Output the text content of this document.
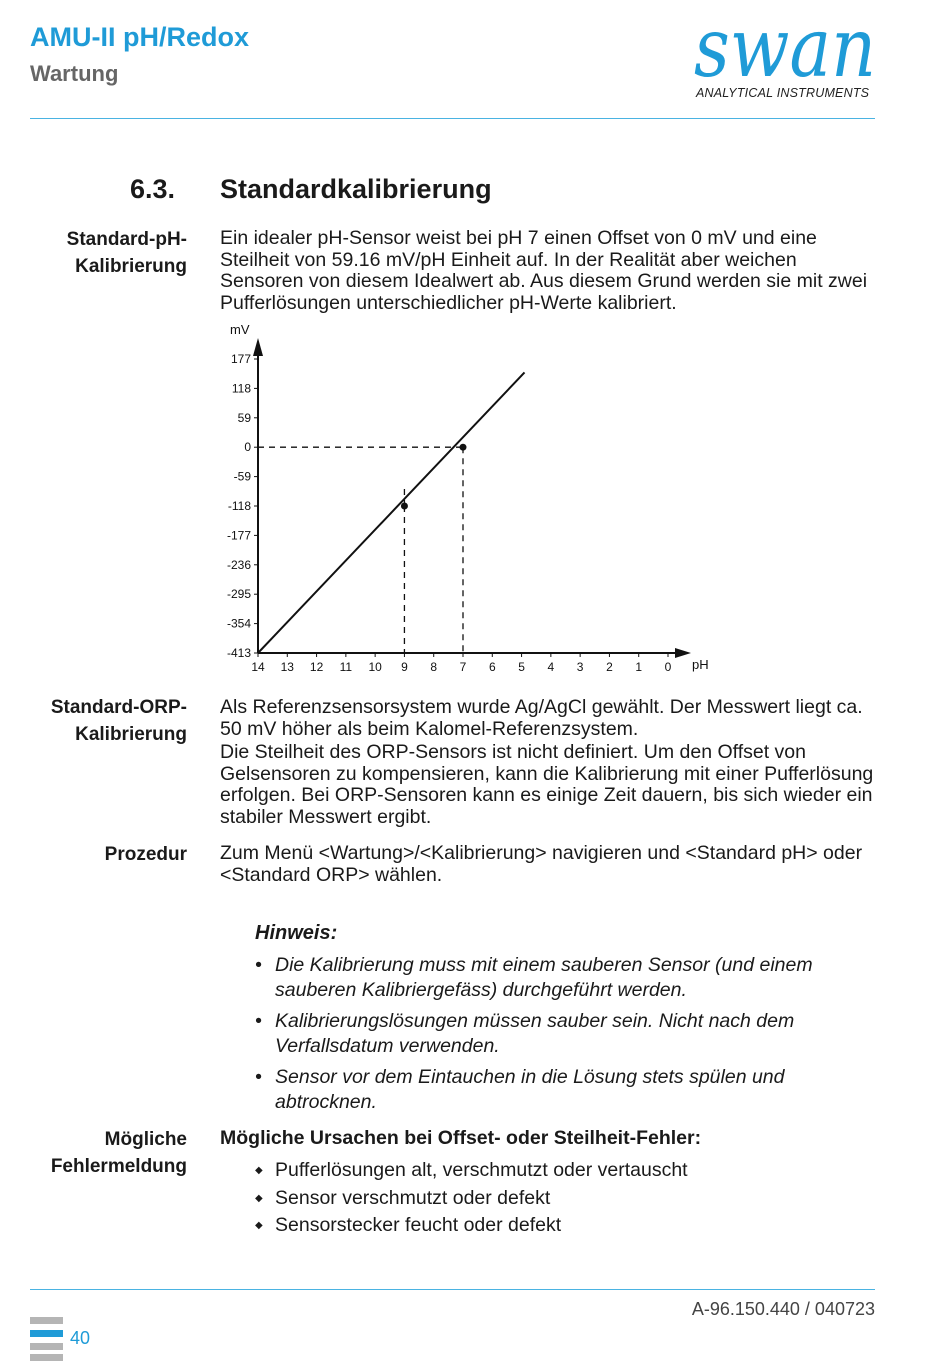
AMU-II pH/Redox
Wartung	swan
ANALYTICAL INSTRUMENTS
6.3. Standardkalibrierung
Standard-pH-
Kalibrierung
Ein idealer pH-Sensor weist bei pH 7 einen Offset von 0 mV und eine Steilheit von 59.16 mV/pH Einheit auf. In der Realität aber weichen Sensoren von diesem Idealwert ab. Aus diesem Grund werden sie mit zwei Pufferlösungen unterschiedlicher pH-Werte kalibriert.
177
118
59
0
-59
-118
-177
-236
-295
-354
-413
14 13 12 11 10 9 8 7 6 5 4 3 2 1 0
mV
pH
Standard-ORP-
Kalibrierung

Als Referenzsensorsystem wurde Ag/AgCl gewählt. Der Messwert liegt ca. 50 mV höher als beim Kalomel-Referenzsystem.

Die Steilheit des ORP-Sensors ist nicht definiert. Um den Offset von Gelsensoren zu kompensieren, kann die Kalibrierung mit einer Pufferlösung erfolgen. Bei ORP-Sensoren kann es einige Zeit dauern, bis sich wieder ein stabiler Messwert ergibt.

Prozedur Zum Menü <Wartung>/<Kalibrierung> navigieren und <Standard pH> oder <Standard ORP> wählen.
Hinweis:
• Die Kalibrierung muss mit einem sauberen Sensor (und einem sauberen Kalibriergefäss) durchgeführt werden.
• Kalibrierungslösungen müssen sauber sein. Nicht nach dem Verfallsdatum verwenden.
• Sensor vor dem Eintauchen in die Lösung stets spülen und abtrocknen.
Mögliche
Fehlermeldung
Mögliche Ursachen bei Offset- oder Steilheit-Fehler:
◆ Pufferlösungen alt, verschmutzt oder vertauscht
◆ Sensor verschmutzt oder defekt
◆ Sensorstecker feucht oder defekt
A-96.150.440 / 040723
40
